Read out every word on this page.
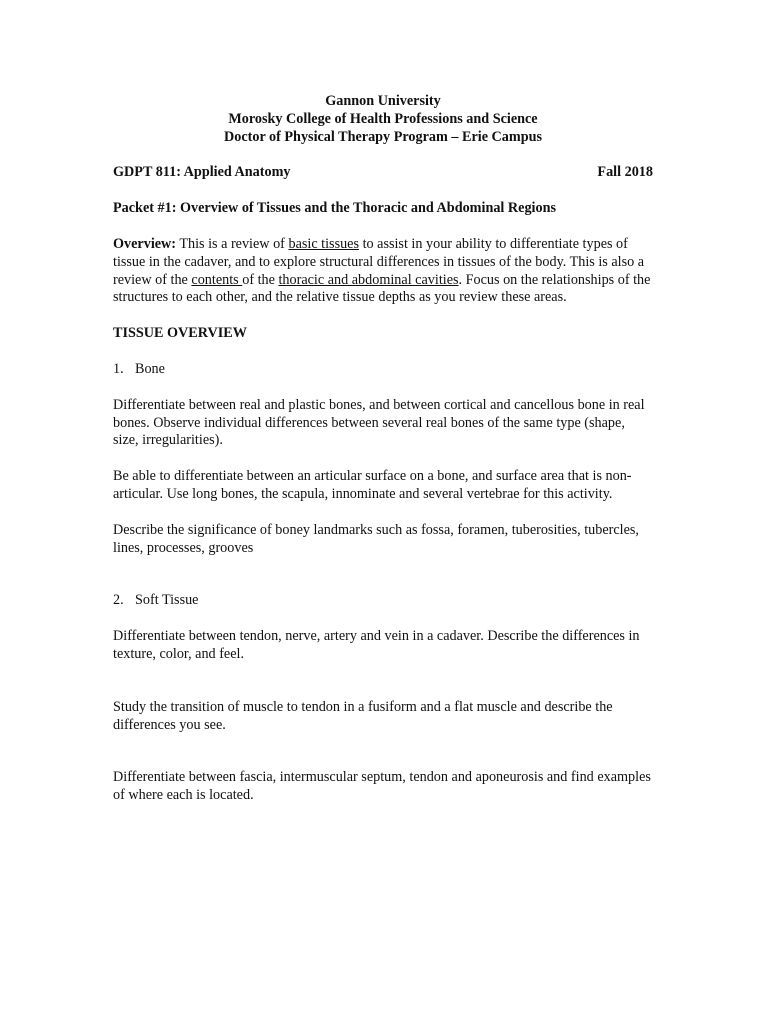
Gannon University
Morosky College of Health Professions and Science
Doctor of Physical Therapy Program – Erie Campus
GDPT 811: Applied Anatomy	Fall 2018
Packet #1: Overview of Tissues and the Thoracic and Abdominal Regions

Overview: This is a review of basic tissues to assist in your ability to differentiate types of tissue in the cadaver, and to explore structural differences in tissues of the body. This is also a review of the contents of the thoracic and abdominal cavities. Focus on the relationships of the structures to each other, and the relative tissue depths as you review these areas.

TISSUE OVERVIEW
1. Bone

Differentiate between real and plastic bones, and between cortical and cancellous bone in real bones. Observe individual differences between several real bones of the same type (shape, size, irregularities).

Be able to differentiate between an articular surface on a bone, and surface area that is non-articular. Use long bones, the scapula, innominate and several vertebrae for this activity.

Describe the significance of boney landmarks such as fossa, foramen, tuberosities, tubercles, lines, processes, grooves

2. Soft Tissue

Differentiate between tendon, nerve, artery and vein in a cadaver. Describe the differences in texture, color, and feel.

Study the transition of muscle to tendon in a fusiform and a flat muscle and describe the differences you see.

Differentiate between fascia, intermuscular septum, tendon and aponeurosis and find examples of where each is located.
